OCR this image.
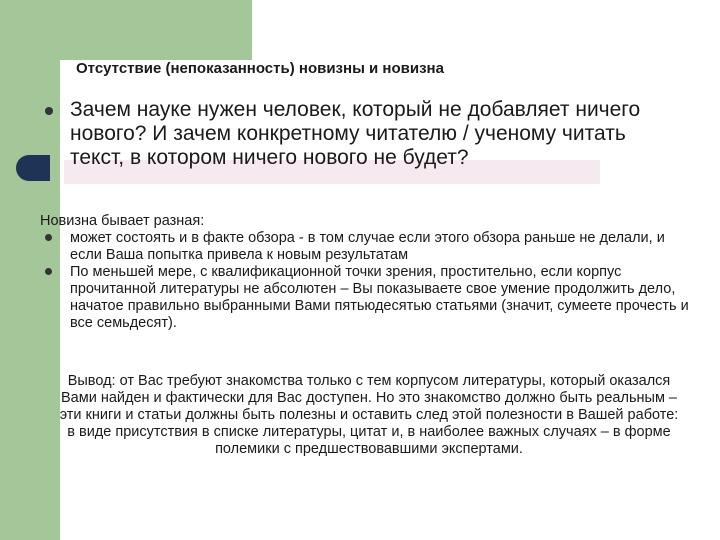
Отсутствие (непоказанность) новизны и новизна
Зачем науке нужен человек, который не добавляет ничего нового? И зачем конкретному читателю / ученому читать текст, в котором ничего нового не будет?
Новизна бывает разная:
может состоять и в факте обзора - в том случае если этого обзора раньше не делали, и если Ваша попытка привела к новым результатам
По меньшей мере, с квалификационной точки зрения, простительно, если корпус прочитанной литературы не абсолютен – Вы показываете свое умение продолжить дело, начатое правильно выбранными Вами пятьюдесятью статьями (значит, сумеете прочесть и все семьдесят).
Вывод: от Вас требуют знакомства только с тем корпусом литературы, который оказался Вами найден и фактически для Вас доступен. Но это знакомство должно быть реальным – эти книги и статьи должны быть полезны и оставить след этой полезности в Вашей работе: в виде присутствия в списке литературы, цитат и, в наиболее важных случаях – в форме полемики с предшествовавшими экспертами.
